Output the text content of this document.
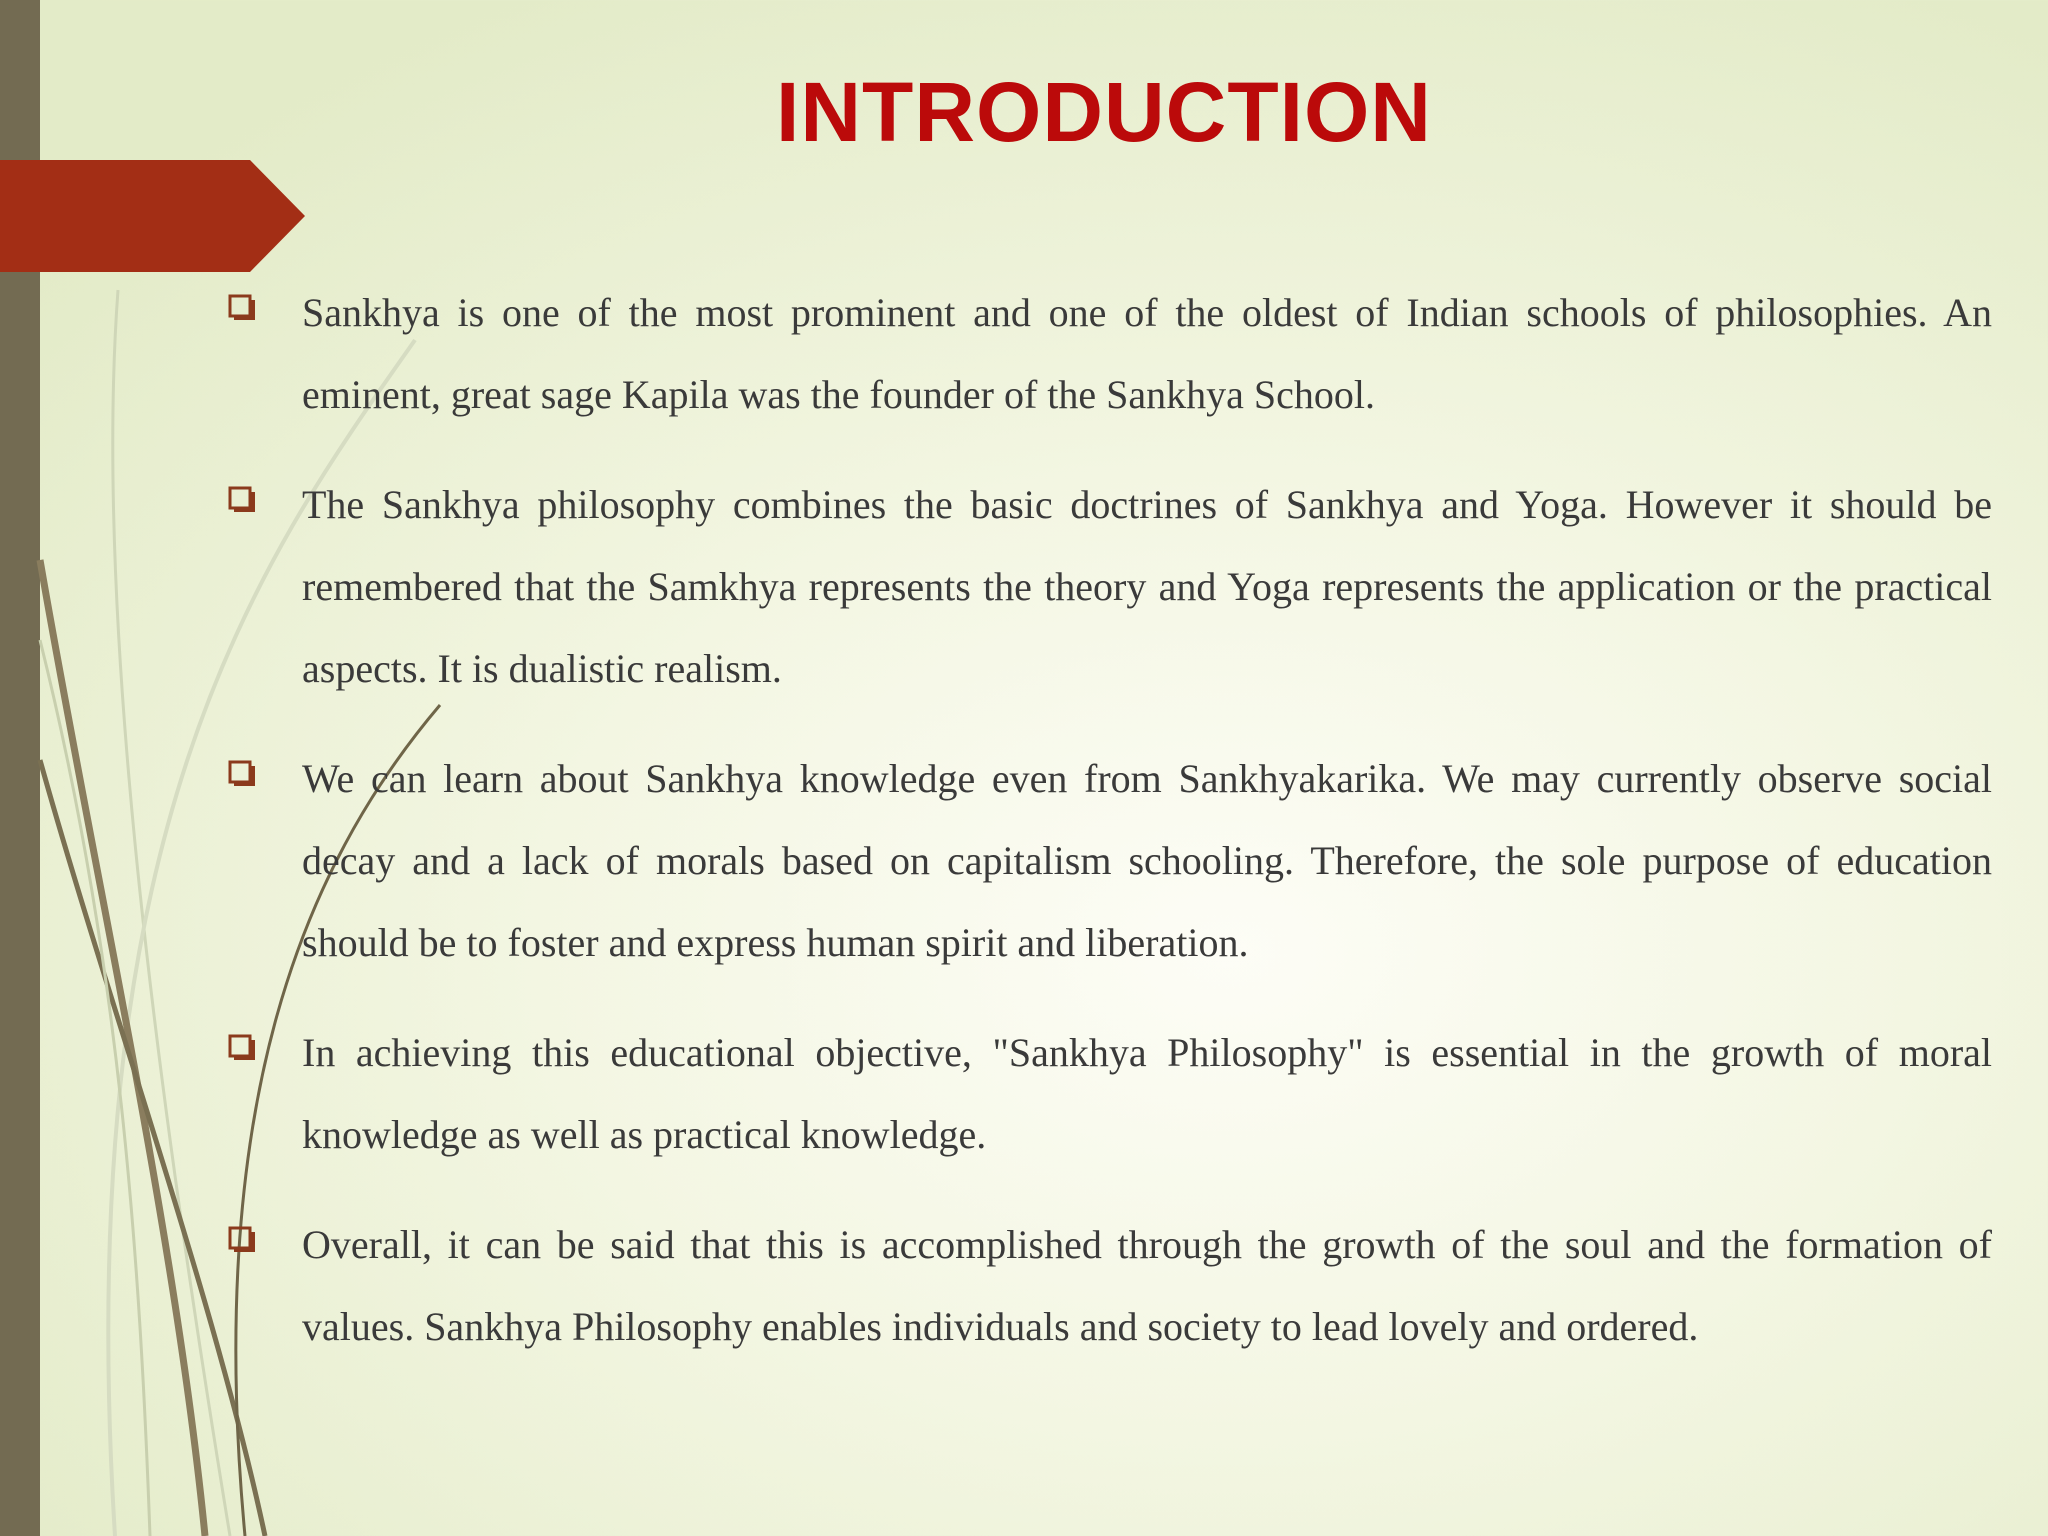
INTRODUCTION
Sankhya is one of the most prominent and one of the oldest of Indian schools of philosophies. An eminent, great sage Kapila was the founder of the Sankhya School.
The Sankhya philosophy combines the basic doctrines of Sankhya and Yoga. However it should be remembered that the Samkhya represents the theory and Yoga represents the application or the practical aspects. It is dualistic realism.
We can learn about Sankhya knowledge even from Sankhyakarika. We may currently observe social decay and a lack of morals based on capitalism schooling. Therefore, the sole purpose of education should be to foster and express human spirit and liberation.
In achieving this educational objective, "Sankhya Philosophy" is essential in the growth of moral knowledge as well as practical knowledge.
Overall, it can be said that this is accomplished through the growth of the soul and the formation of values. Sankhya Philosophy enables individuals and society to lead lovely and ordered.
